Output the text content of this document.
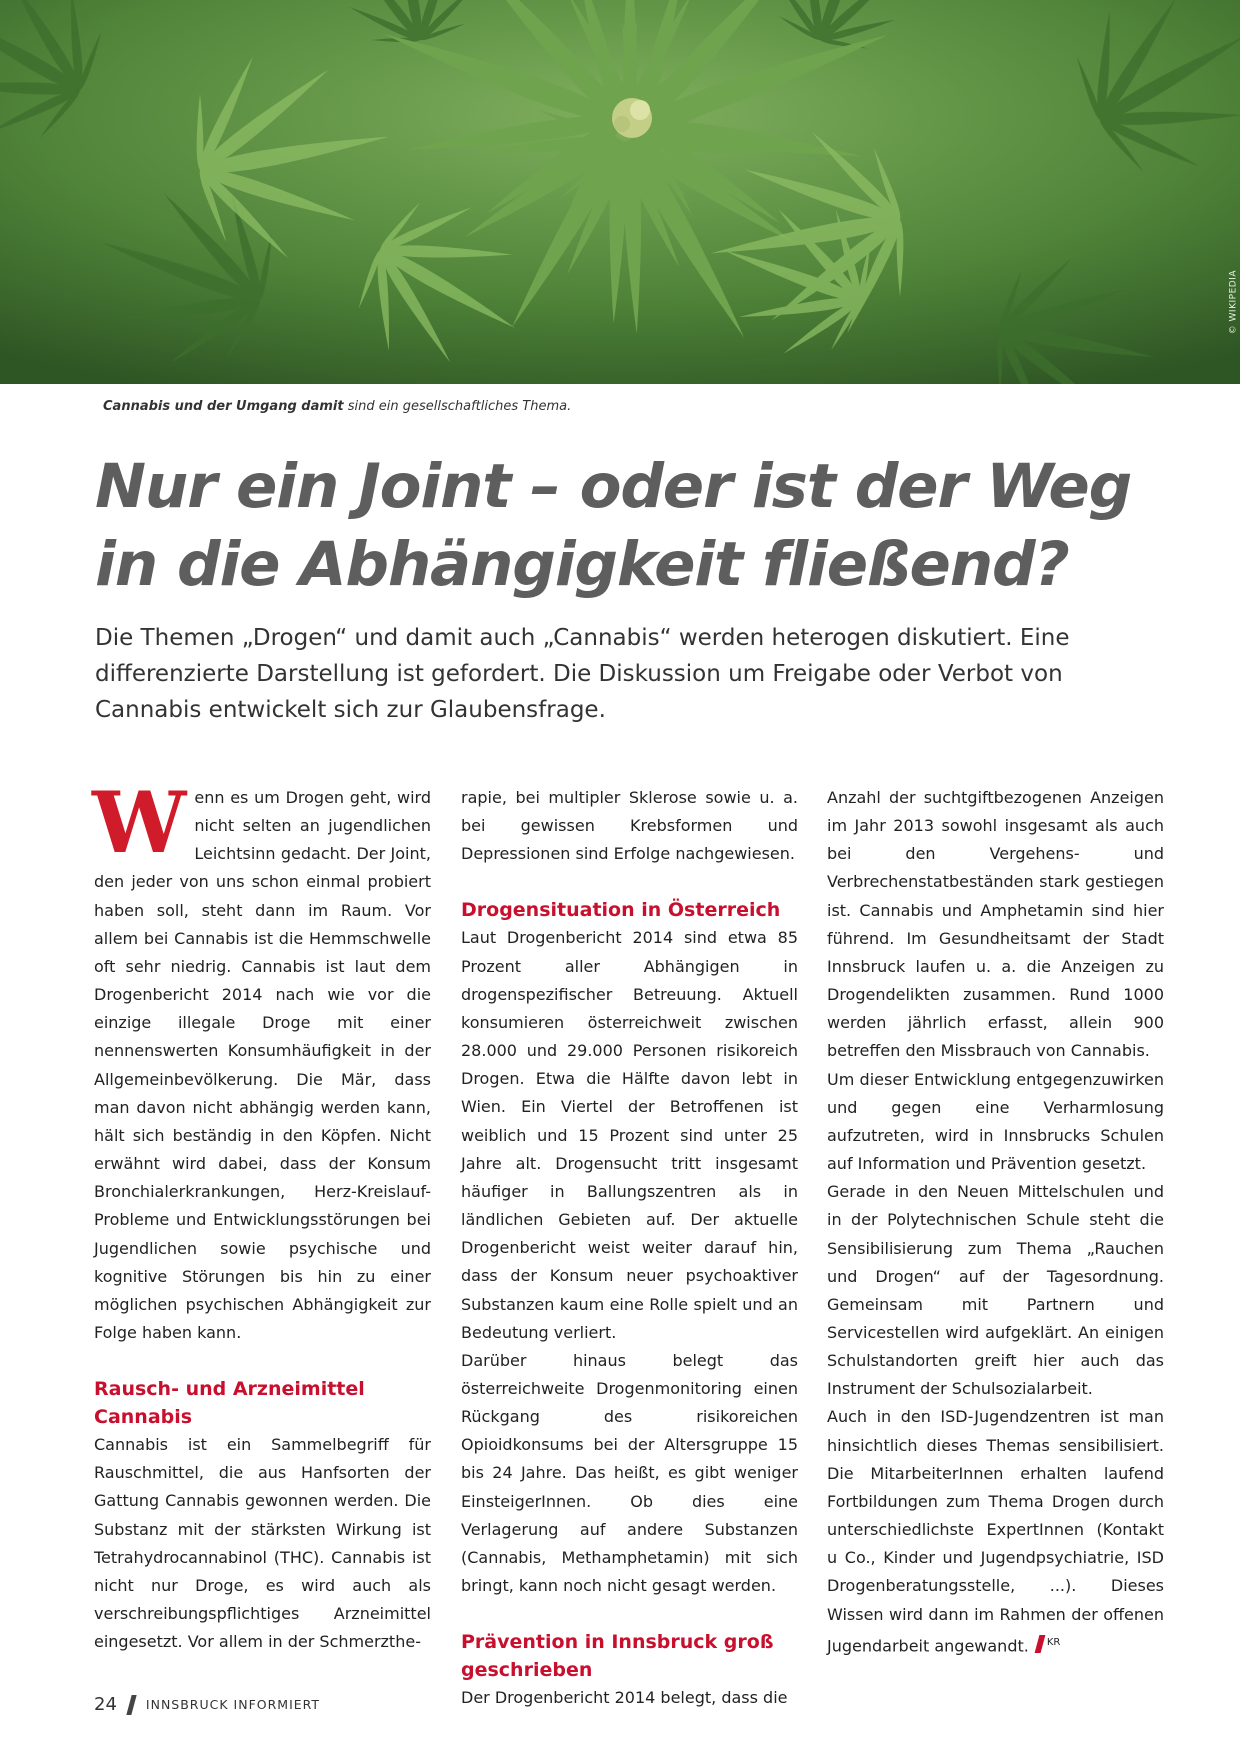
© WIKIPEDIA
Cannabis und der Umgang damit sind ein gesellschaftliches Thema.
Nur ein Joint – oder ist der Weg in die Abhängigkeit fließend?

Die Themen „Drogen“ und damit auch „Cannabis“ werden heterogen diskutiert. Eine differenzierte Darstellung ist gefordert. Die Diskussion um Freigabe oder Verbot von Cannabis entwickelt sich zur Glaubensfrage.

Wenn es um Drogen geht, wird nicht selten an jugendlichen Leichtsinn gedacht. Der Joint, den jeder von uns schon einmal probiert haben soll, steht dann im Raum. Vor allem bei Cannabis ist die Hemmschwelle oft sehr niedrig. Cannabis ist laut dem Drogenbericht 2014 nach wie vor die einzige illegale Droge mit einer nennenswerten Konsumhäufigkeit in der Allgemeinbevölkerung. Die Mär, dass man davon nicht abhängig werden kann, hält sich beständig in den Köpfen. Nicht erwähnt wird dabei, dass der Konsum Bronchialerkrankungen, Herz-Kreislauf-Probleme und Entwicklungsstörungen bei Jugendlichen sowie psychische und kognitive Störungen bis hin zu einer möglichen psychischen Abhängigkeit zur Folge haben kann.

Rausch- und Arzneimittel Cannabis

Cannabis ist ein Sammelbegriff für Rauschmittel, die aus Hanfsorten der Gattung Cannabis gewonnen werden. Die Substanz mit der stärksten Wirkung ist Tetrahydrocannabinol (THC). Cannabis ist nicht nur Droge, es wird auch als verschreibungspflichtiges Arzneimittel eingesetzt. Vor allem in der Schmerzthe-

rapie, bei multipler Sklerose sowie u. a. bei gewissen Krebsformen und Depressionen sind Erfolge nachgewiesen.

Drogensituation in Österreich

Laut Drogenbericht 2014 sind etwa 85 Prozent aller Abhängigen in drogenspezifischer Betreuung. Aktuell konsumieren österreichweit zwischen 28.000 und 29.000 Personen risikoreich Drogen. Etwa die Hälfte davon lebt in Wien. Ein Viertel der Betroffenen ist weiblich und 15 Prozent sind unter 25 Jahre alt. Drogensucht tritt insgesamt häufiger in Ballungszentren als in ländlichen Gebieten auf. Der aktuelle Drogenbericht weist weiter darauf hin, dass der Konsum neuer psychoaktiver Substanzen kaum eine Rolle spielt und an Bedeutung verliert.

Darüber hinaus belegt das österreichweite Drogenmonitoring einen Rückgang des risikoreichen Opioidkonsums bei der Altersgruppe 15 bis 24 Jahre. Das heißt, es gibt weniger EinsteigerInnen. Ob dies eine Verlagerung auf andere Substanzen (Cannabis, Methamphetamin) mit sich bringt, kann noch nicht gesagt werden.

Prävention in Innsbruck groß geschrieben

Der Drogenbericht 2014 belegt, dass die

Anzahl der suchtgiftbezogenen Anzeigen im Jahr 2013 sowohl insgesamt als auch bei den Vergehens- und Verbrechenstatbeständen stark gestiegen ist. Cannabis und Amphetamin sind hier führend. Im Gesundheitsamt der Stadt Innsbruck laufen u. a. die Anzeigen zu Drogendelikten zusammen. Rund 1000 werden jährlich erfasst, allein 900 betreffen den Missbrauch von Cannabis.

Um dieser Entwicklung entgegenzuwirken und gegen eine Verharmlosung aufzutreten, wird in Innsbrucks Schulen auf Information und Prävention gesetzt.

Gerade in den Neuen Mittelschulen und in der Polytechnischen Schule steht die Sensibilisierung zum Thema „Rauchen und Drogen“ auf der Tagesordnung. Gemeinsam mit Partnern und Servicestellen wird aufgeklärt. An einigen Schulstandorten greift hier auch das Instrument der Schulsozialarbeit.

Auch in den ISD-Jugendzentren ist man hinsichtlich dieses Themas sensibilisiert. Die MitarbeiterInnen erhalten laufend Fortbildungen zum Thema Drogen durch unterschiedlichste ExpertInnen (Kontakt u Co., Kinder und Jugendpsychiatrie, ISD Drogenberatungsstelle, ...). Dieses Wissen wird dann im Rahmen der offenen Jugendarbeit angewandt. $^{KR}$

24 INNSBRUCK INFORMIERT
